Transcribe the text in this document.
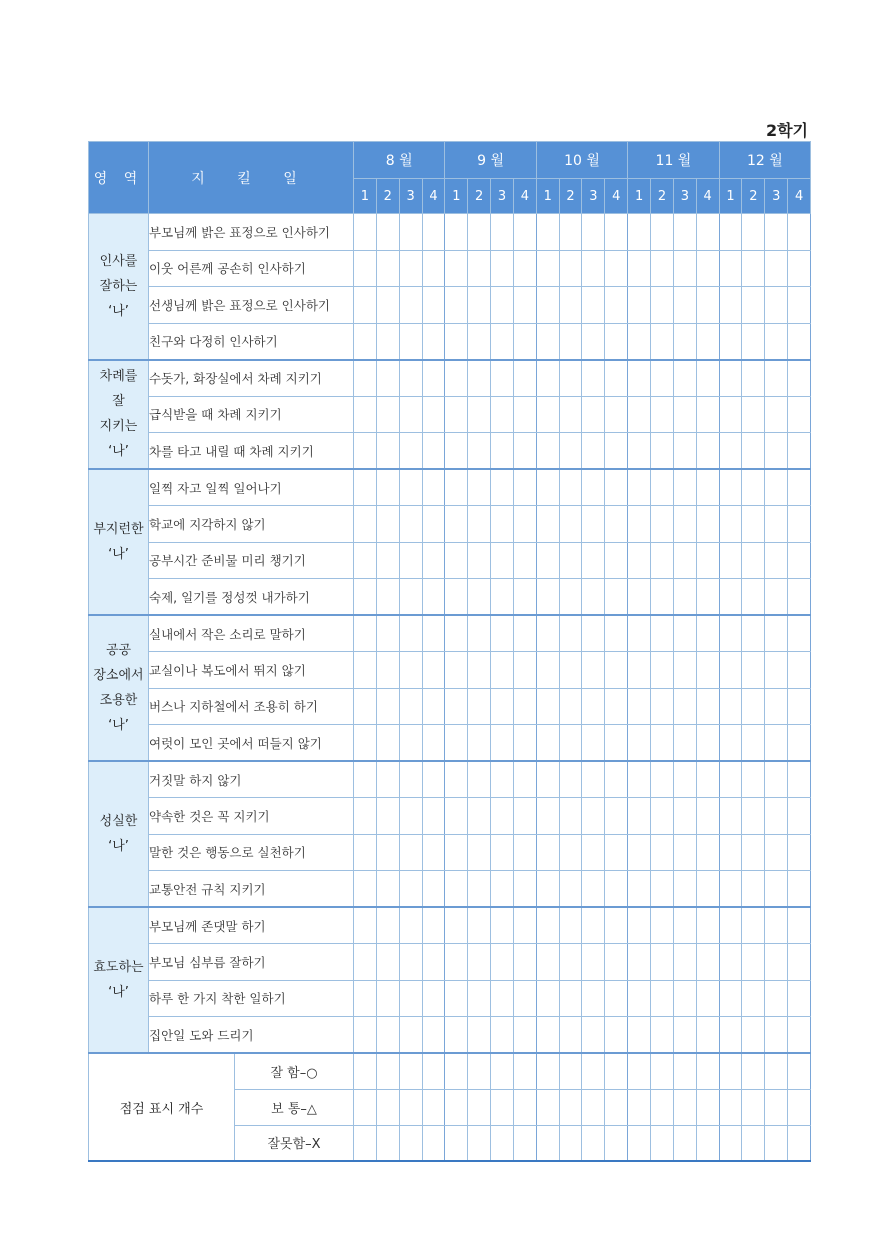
2학기
영 역	지 킬 일		8 월				9 월				10 월				11 월				12 월			
			1	2	3	4	1	2	3	4	1	2	3	4	1	2	3	4	1	2	3	4

인사를
잘하는
‘나’	부모님께 밝은 표정으로 인사하기																					
	이웃 어른께 공손히 인사하기																					
	선생님께 밝은 표정으로 인사하기																					
	친구와 다정히 인사하기																					

차례를
잘
지키는
‘나’	수돗가, 화장실에서 차례 지키기																					
	급식받을 때 차례 지키기																					
	차를 타고 내릴 때 차례 지키기																					

부지런한
‘나’	일찍 자고 일찍 일어나기																					
	학교에 지각하지 않기																					
	공부시간 준비물 미리 챙기기																					
	숙제, 일기를 정성껏 내가하기																					

공공
장소에서
조용한
‘나’	실내에서 작은 소리로 말하기																					
	교실이나 복도에서 뛰지 않기																					
	버스나 지하철에서 조용히 하기																					
	여럿이 모인 곳에서 떠들지 않기																					

성실한
‘나’	거짓말 하지 않기																					
	약속한 것은 꼭 지키기																					
	말한 것은 행동으로 실천하기																					
	교통안전 규칙 지키기																					

효도하는
‘나’	부모님께 존댓말 하기																					
	부모님 심부름 잘하기																					
	하루 한 가지 착한 일하기																					
	집안일 도와 드리기																					
점검 표시 개수		잘 함–○																				
		보 통–△																				
		잘못함–X																				
